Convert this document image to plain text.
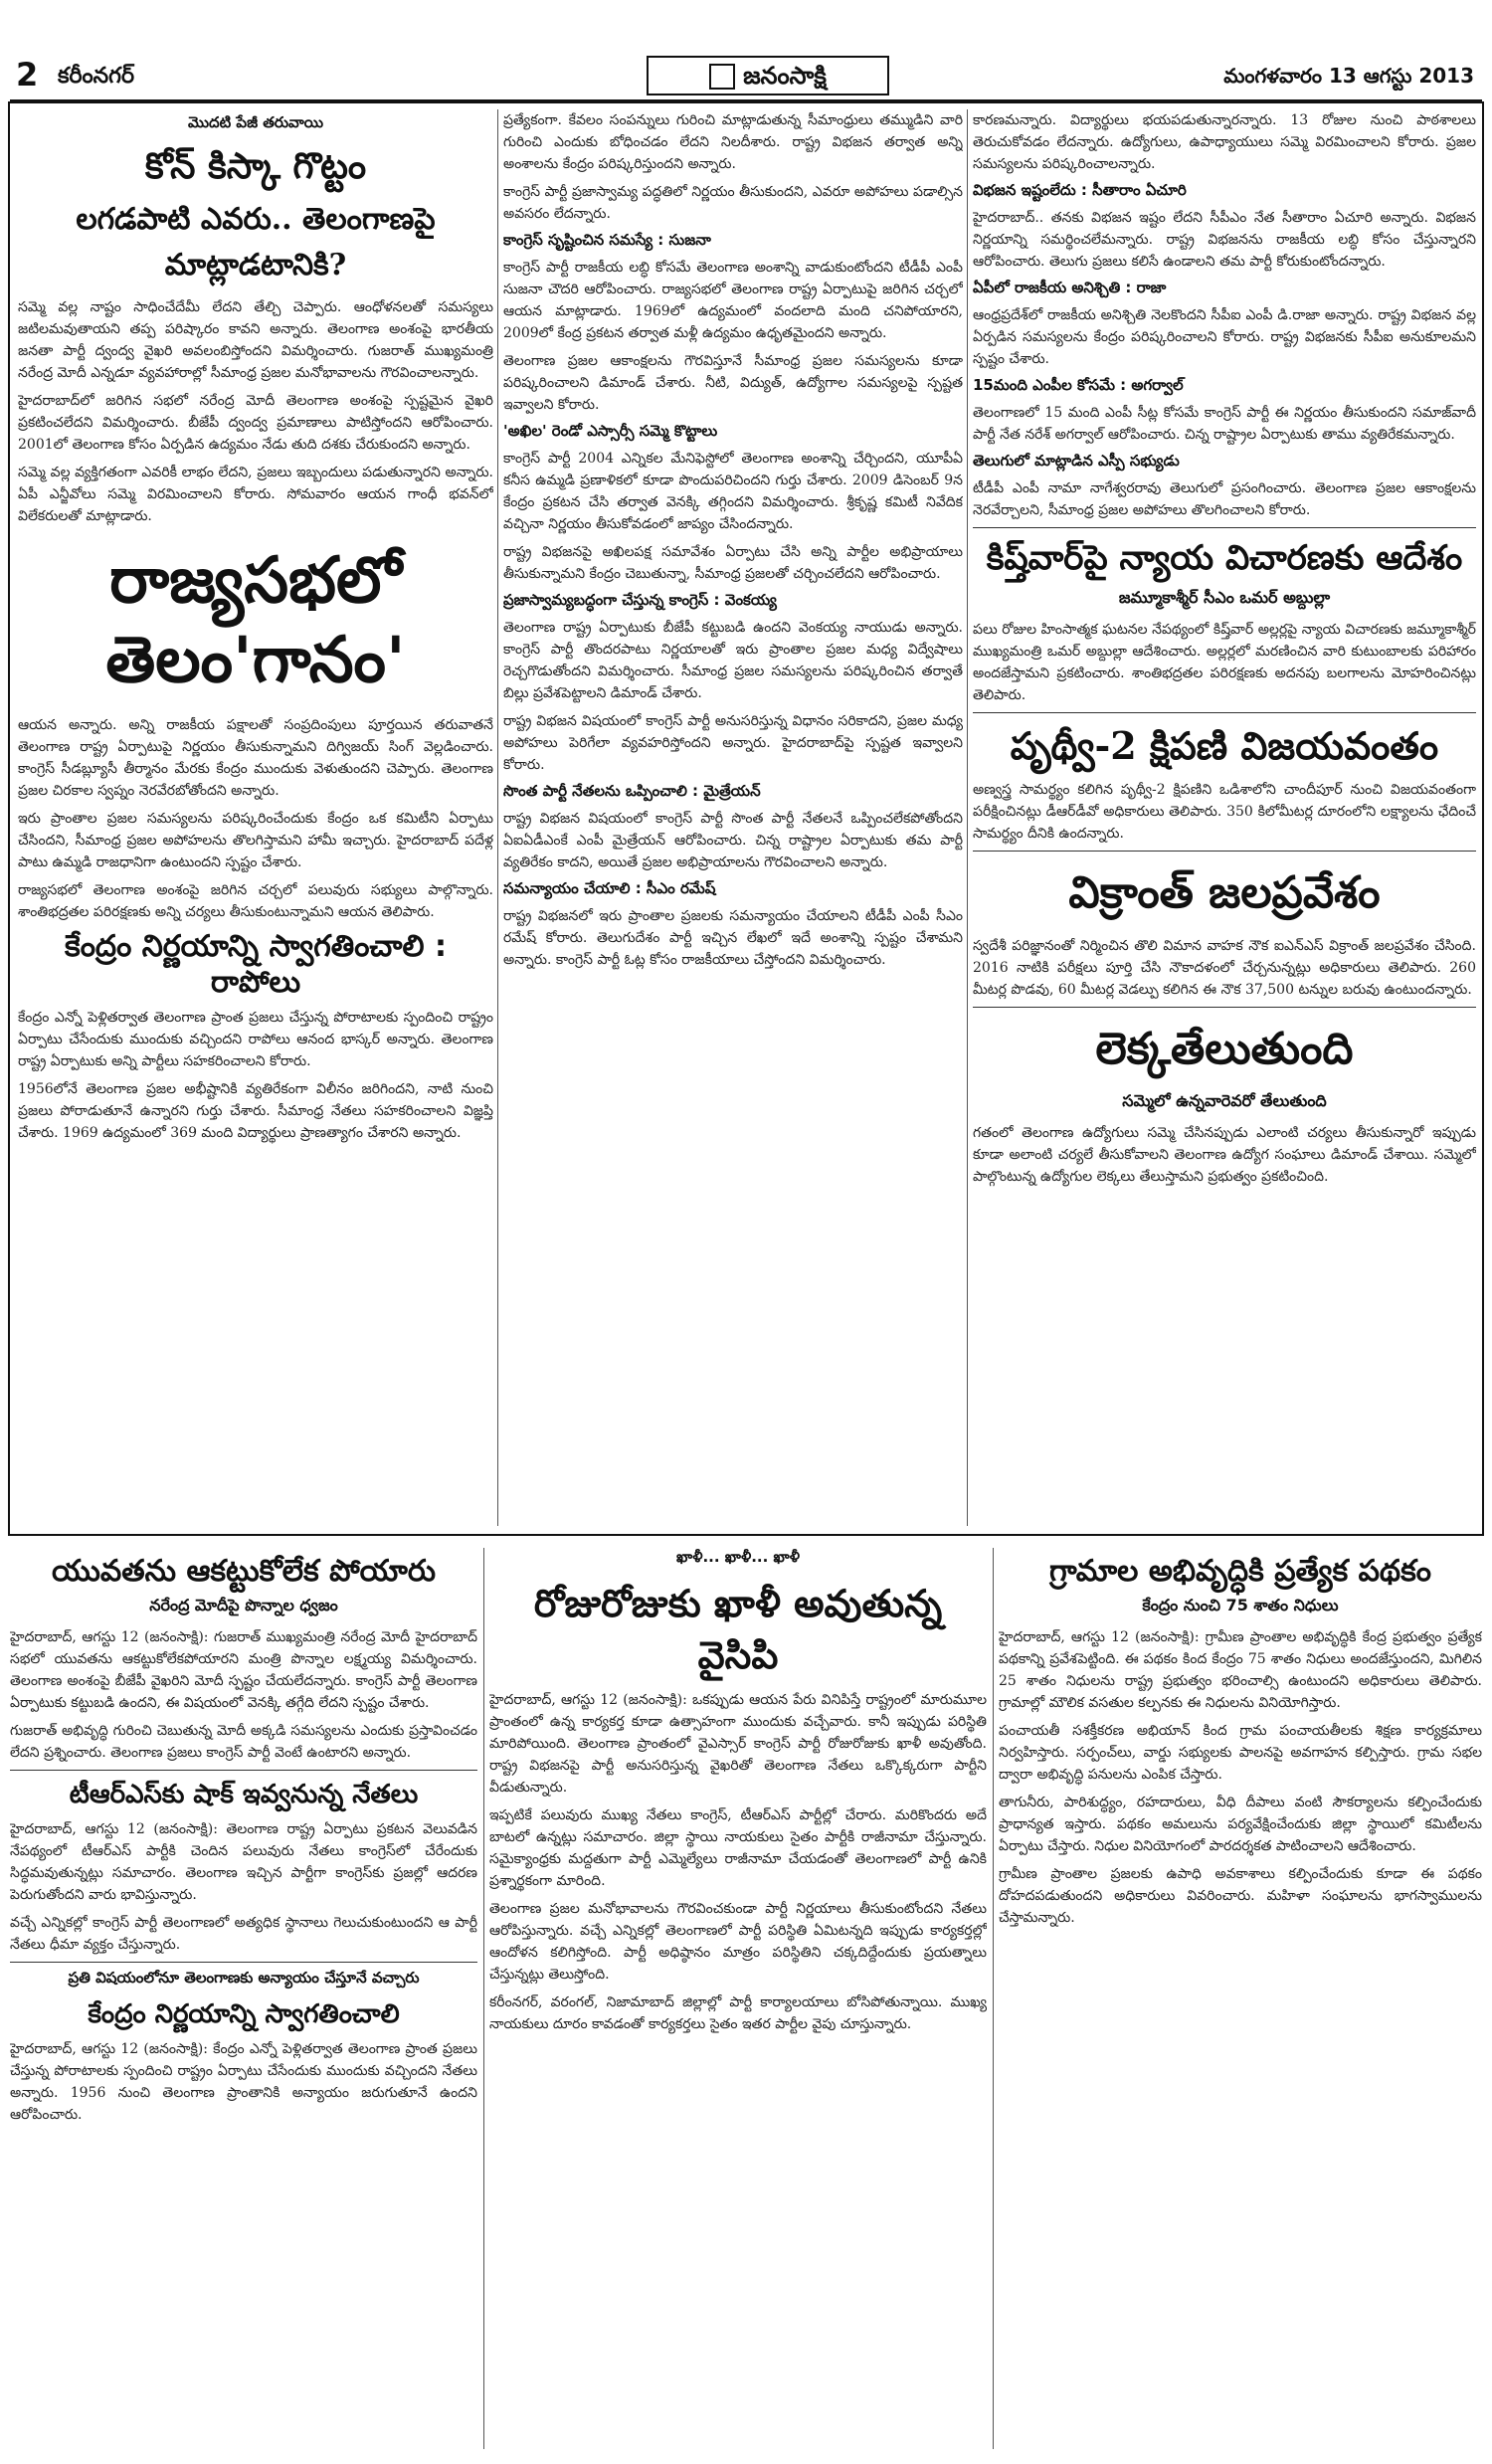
2 కరీంనగర్	జనంసాక్షి	మంగళవారం 13 ఆగస్టు 2013
మొదటి పేజీ తరువాయి
కోన్‌ కిస్కా గొట్టం
లగడపాటి ఎవరు.. తెలంగాణపై మాట్లాడటానికి?

సమ్మె వల్ల నాష్టం సాధించేదేమీ లేదని తేల్చి చెప్పారు. ఆంధోళనలతో సమస్యలు జటిలమవుతాయని తప్ప పరిష్కారం కావని అన్నారు. తెలంగాణ అంశంపై భారతీయ జనతా పార్టీ ద్వంద్వ వైఖరి అవలంబిస్తోందని విమర్శించారు. గుజరాత్‌ ముఖ్యమంత్రి నరేంద్ర మోదీ ఎన్నడూ వ్యవహారాల్లో సీమాంధ్ర ప్రజల మనోభావాలను గౌరవించాలన్నారు.

హైదరాబాద్‌లో జరిగిన సభలో నరేంద్ర మోదీ తెలంగాణ అంశంపై స్పష్టమైన వైఖరి ప్రకటించలేదని విమర్శించారు. బీజేపీ ద్వంద్వ ప్రమాణాలు పాటిస్తోందని ఆరోపించారు. 2001లో తెలంగాణ కోసం ఏర్పడిన ఉద్యమం నేడు తుది దశకు చేరుకుందని అన్నారు.

సమ్మె వల్ల వ్యక్తిగతంగా ఎవరికీ లాభం లేదని, ప్రజలు ఇబ్బందులు పడుతున్నారని అన్నారు. ఏపీ ఎన్జీవోలు సమ్మె విరమించాలని కోరారు. సోమవారం ఆయన గాంధీ భవన్‌లో విలేకరులతో మాట్లాడారు.

రాజ్యసభలో తెలం'గానం'

ఆయన అన్నారు. అన్ని రాజకీయ పక్షాలతో సంప్రదింపులు పూర్తయిన తరువాతనే తెలంగాణ రాష్ట్ర ఏర్పాటుపై నిర్ణయం తీసుకున్నామని దిగ్విజయ్‌ సింగ్‌ వెల్లడించారు. కాంగ్రెస్‌ సీడబ్ల్యూసీ తీర్మానం మేరకు కేంద్రం ముందుకు వెళుతుందని చెప్పారు. తెలంగాణ ప్రజల చిరకాల స్వప్నం నెరవేరబోతోందని అన్నారు.

ఇరు ప్రాంతాల ప్రజల సమస్యలను పరిష్కరించేందుకు కేంద్రం ఒక కమిటీని ఏర్పాటు చేసిందని, సీమాంధ్ర ప్రజల అపోహలను తొలగిస్తామని హామీ ఇచ్చారు. హైదరాబాద్‌ పదేళ్ల పాటు ఉమ్మడి రాజధానిగా ఉంటుందని స్పష్టం చేశారు.

రాజ్యసభలో తెలంగాణ అంశంపై జరిగిన చర్చలో పలువురు సభ్యులు పాల్గొన్నారు. శాంతిభద్రతల పరిరక్షణకు అన్ని చర్యలు తీసుకుంటున్నామని ఆయన తెలిపారు.

కేంద్రం నిర్ణయాన్ని స్వాగతించాలి : రాపోలు

కేంద్రం ఎన్నో పెళ్లితర్వాత తెలంగాణ ప్రాంత ప్రజలు చేస్తున్న పోరాటాలకు స్పందించి రాష్ట్రం ఏర్పాటు చేసేందుకు ముందుకు వచ్చిందని రాపోలు ఆనంద భాస్కర్‌ అన్నారు. తెలంగాణ రాష్ట్ర ఏర్పాటుకు అన్ని పార్టీలు సహకరించాలని కోరారు.

1956లోనే తెలంగాణ ప్రజల అభీష్టానికి వ్యతిరేకంగా విలీనం జరిగిందని, నాటి నుంచి ప్రజలు పోరాడుతూనే ఉన్నారని గుర్తు చేశారు. సీమాంధ్ర నేతలు సహకరించాలని విజ్ఞప్తి చేశారు. 1969 ఉద్యమంలో 369 మంది విద్యార్థులు ప్రాణత్యాగం చేశారని అన్నారు.

ప్రత్యేకంగా. కేవలం సంపన్నులు గురించి మాట్లాడుతున్న సీమాంధ్రులు తమ్ముడిని వారి గురించి ఎందుకు బోధించడం లేదని నిలదీశారు. రాష్ట్ర విభజన తర్వాత అన్ని అంశాలను కేంద్రం పరిష్కరిస్తుందని అన్నారు.

కాంగ్రెస్‌ పార్టీ ప్రజాస్వామ్య పద్ధతిలో నిర్ణయం తీసుకుందని, ఎవరూ అపోహలు పడాల్సిన అవసరం లేదన్నారు.

కాంగ్రెస్‌ సృష్టించిన సమస్యే : సుజనా

కాంగ్రెస్‌ పార్టీ రాజకీయ లబ్ధి కోసమే తెలంగాణ అంశాన్ని వాడుకుంటోందని టీడీపీ ఎంపీ సుజనా చౌదరి ఆరోపించారు. రాజ్యసభలో తెలంగాణ రాష్ట్ర ఏర్పాటుపై జరిగిన చర్చలో ఆయన మాట్లాడారు. 1969లో ఉద్యమంలో వందలాది మంది చనిపోయారని, 2009లో కేంద్ర ప్రకటన తర్వాత మళ్లీ ఉద్యమం ఉధృతమైందని అన్నారు.

తెలంగాణ ప్రజల ఆకాంక్షలను గౌరవిస్తూనే సీమాంధ్ర ప్రజల సమస్యలను కూడా పరిష్కరించాలని డిమాండ్‌ చేశారు. నీటి, విద్యుత్‌, ఉద్యోగాల సమస్యలపై స్పష్టత ఇవ్వాలని కోరారు.

'అఖిల' రెండో ఎస్సార్సీ సమ్మె కొట్టాలు

కాంగ్రెస్‌ పార్టీ 2004 ఎన్నికల మేనిఫెస్టోలో తెలంగాణ అంశాన్ని చేర్చిందని, యూపీఏ కనీస ఉమ్మడి ప్రణాళికలో కూడా పొందుపరిచిందని గుర్తు చేశారు. 2009 డిసెంబర్‌ 9న కేంద్రం ప్రకటన చేసి తర్వాత వెనక్కి తగ్గిందని విమర్శించారు. శ్రీకృష్ణ కమిటీ నివేదిక వచ్చినా నిర్ణయం తీసుకోవడంలో జాప్యం చేసిందన్నారు.

రాష్ట్ర విభజనపై అఖిలపక్ష సమావేశం ఏర్పాటు చేసి అన్ని పార్టీల అభిప్రాయాలు తీసుకున్నామని కేంద్రం చెబుతున్నా, సీమాంధ్ర ప్రజలతో చర్చించలేదని ఆరోపించారు.

ప్రజాస్వామ్యబద్ధంగా చేస్తున్న కాంగ్రెస్‌ : వెంకయ్య

తెలంగాణ రాష్ట్ర ఏర్పాటుకు బీజేపీ కట్టుబడి ఉందని వెంకయ్య నాయుడు అన్నారు. కాంగ్రెస్‌ పార్టీ తొందరపాటు నిర్ణయాలతో ఇరు ప్రాంతాల ప్రజల మధ్య విద్వేషాలు రెచ్చగొడుతోందని విమర్శించారు. సీమాంధ్ర ప్రజల సమస్యలను పరిష్కరించిన తర్వాతే బిల్లు ప్రవేశపెట్టాలని డిమాండ్‌ చేశారు.

రాష్ట్ర విభజన విషయంలో కాంగ్రెస్‌ పార్టీ అనుసరిస్తున్న విధానం సరికాదని, ప్రజల మధ్య అపోహలు పెరిగేలా వ్యవహరిస్తోందని అన్నారు. హైదరాబాద్‌పై స్పష్టత ఇవ్వాలని కోరారు.

సొంత పార్టీ నేతలను ఒప్పించాలి : మైత్రేయన్‌

రాష్ట్ర విభజన విషయంలో కాంగ్రెస్‌ పార్టీ సొంత పార్టీ నేతలనే ఒప్పించలేకపోతోందని ఏఐఏడీఎంకే ఎంపీ మైత్రేయన్‌ ఆరోపించారు. చిన్న రాష్ట్రాల ఏర్పాటుకు తమ పార్టీ వ్యతిరేకం కాదని, అయితే ప్రజల అభిప్రాయాలను గౌరవించాలని అన్నారు.

సమన్యాయం చేయాలి : సీఎం రమేష్‌

రాష్ట్ర విభజనలో ఇరు ప్రాంతాల ప్రజలకు సమన్యాయం చేయాలని టీడీపీ ఎంపీ సీఎం రమేష్‌ కోరారు. తెలుగుదేశం పార్టీ ఇచ్చిన లేఖలో ఇదే అంశాన్ని స్పష్టం చేశామని అన్నారు. కాంగ్రెస్‌ పార్టీ ఓట్ల కోసం రాజకీయాలు చేస్తోందని విమర్శించారు.

కారణమన్నారు. విద్యార్థులు భయపడుతున్నారన్నారు. 13 రోజుల నుంచి పాఠశాలలు తెరుచుకోవడం లేదన్నారు. ఉద్యోగులు, ఉపాధ్యాయులు సమ్మె విరమించాలని కోరారు. ప్రజల సమస్యలను పరిష్కరించాలన్నారు.

విభజన ఇష్టంలేదు : సీతారాం ఏచూరి

హైదరాబాద్‌.. తనకు విభజన ఇష్టం లేదని సీపీఎం నేత సీతారాం ఏచూరి అన్నారు. విభజన నిర్ణయాన్ని సమర్థించలేమన్నారు. రాష్ట్ర విభజనను రాజకీయ లబ్ధి కోసం చేస్తున్నారని ఆరోపించారు. తెలుగు ప్రజలు కలిసే ఉండాలని తమ పార్టీ కోరుకుంటోందన్నారు.

ఏపీలో రాజకీయ అనిశ్చితి : రాజా

ఆంధ్రప్రదేశ్‌లో రాజకీయ అనిశ్చితి నెలకొందని సీపీఐ ఎంపీ డి.రాజా అన్నారు. రాష్ట్ర విభజన వల్ల ఏర్పడిన సమస్యలను కేంద్రం పరిష్కరించాలని కోరారు. రాష్ట్ర విభజనకు సీపీఐ అనుకూలమని స్పష్టం చేశారు.

15మంది ఎంపీల కోసమే : అగర్వాల్‌

తెలంగాణలో 15 మంది ఎంపీ సీట్ల కోసమే కాంగ్రెస్‌ పార్టీ ఈ నిర్ణయం తీసుకుందని సమాజ్‌వాదీ పార్టీ నేత నరేశ్‌ అగర్వాల్‌ ఆరోపించారు. చిన్న రాష్ట్రాల ఏర్పాటుకు తాము వ్యతిరేకమన్నారు.

తెలుగులో మాట్లాడిన ఎస్పీ సభ్యుడు

టీడీపీ ఎంపీ నామా నాగేశ్వరరావు తెలుగులో ప్రసంగించారు. తెలంగాణ ప్రజల ఆకాంక్షలను నెరవేర్చాలని, సీమాంధ్ర ప్రజల అపోహలు తొలగించాలని కోరారు.

కిష్త్‌వార్‌పై న్యాయ విచారణకు ఆదేశం
జమ్మూకాశ్మీర్‌ సీఎం ఒమర్‌ అబ్దుల్లా

పలు రోజుల హింసాత్మక ఘటనల నేపథ్యంలో కిష్త్‌వార్‌ అల్లర్లపై న్యాయ విచారణకు జమ్మూకాశ్మీర్‌ ముఖ్యమంత్రి ఒమర్‌ అబ్దుల్లా ఆదేశించారు. అల్లర్లలో మరణించిన వారి కుటుంబాలకు పరిహారం అందజేస్తామని ప్రకటించారు. శాంతిభద్రతల పరిరక్షణకు అదనపు బలగాలను మోహరించినట్లు తెలిపారు.

పృథ్వీ-2 క్షిపణి విజయవంతం

అణ్వస్త్ర సామర్థ్యం కలిగిన పృథ్వీ-2 క్షిపణిని ఒడిశాలోని చాందీపూర్‌ నుంచి విజయవంతంగా పరీక్షించినట్లు డీఆర్‌డీవో అధికారులు తెలిపారు. 350 కిలోమీటర్ల దూరంలోని లక్ష్యాలను ఛేదించే సామర్థ్యం దీనికి ఉందన్నారు.

విక్రాంత్‌ జలప్రవేశం

స్వదేశీ పరిజ్ఞానంతో నిర్మించిన తొలి విమాన వాహక నౌక ఐఎన్‌ఎస్‌ విక్రాంత్‌ జలప్రవేశం చేసింది. 2016 నాటికి పరీక్షలు పూర్తి చేసి నౌకాదళంలో చేర్చనున్నట్లు అధికారులు తెలిపారు. 260 మీటర్ల పొడవు, 60 మీటర్ల వెడల్పు కలిగిన ఈ నౌక 37,500 టన్నుల బరువు ఉంటుందన్నారు.

లెక్కతేలుతుంది
సమ్మెలో ఉన్నవారెవరో తేలుతుంది

గతంలో తెలంగాణ ఉద్యోగులు సమ్మె చేసినప్పుడు ఎలాంటి చర్యలు తీసుకున్నారో ఇప్పుడు కూడా అలాంటి చర్యలే తీసుకోవాలని తెలంగాణ ఉద్యోగ సంఘాలు డిమాండ్‌ చేశాయి. సమ్మెలో పాల్గొంటున్న ఉద్యోగుల లెక్కలు తేలుస్తామని ప్రభుత్వం ప్రకటించింది.

యువతను ఆకట్టుకోలేక పోయారు
నరేంద్ర మోదీపై పొన్నాల ధ్వజం

హైదరాబాద్‌, ఆగస్టు 12 (జనంసాక్షి): గుజరాత్‌ ముఖ్యమంత్రి నరేంద్ర మోదీ హైదరాబాద్‌ సభలో యువతను ఆకట్టుకోలేకపోయారని మంత్రి పొన్నాల లక్ష్మయ్య విమర్శించారు. తెలంగాణ అంశంపై బీజేపీ వైఖరిని మోదీ స్పష్టం చేయలేదన్నారు. కాంగ్రెస్‌ పార్టీ తెలంగాణ ఏర్పాటుకు కట్టుబడి ఉందని, ఈ విషయంలో వెనక్కి తగ్గేది లేదని స్పష్టం చేశారు.

గుజరాత్‌ అభివృద్ధి గురించి చెబుతున్న మోదీ అక్కడి సమస్యలను ఎందుకు ప్రస్తావించడం లేదని ప్రశ్నించారు. తెలంగాణ ప్రజలు కాంగ్రెస్‌ పార్టీ వెంటే ఉంటారని అన్నారు.

టీఆర్‌ఎస్‌కు షాక్‌ ఇవ్వనున్న నేతలు

హైదరాబాద్‌, ఆగస్టు 12 (జనంసాక్షి): తెలంగాణ రాష్ట్ర ఏర్పాటు ప్రకటన వెలువడిన నేపథ్యంలో టీఆర్‌ఎస్‌ పార్టీకి చెందిన పలువురు నేతలు కాంగ్రెస్‌లో చేరేందుకు సిద్ధమవుతున్నట్లు సమాచారం. తెలంగాణ ఇచ్చిన పార్టీగా కాంగ్రెస్‌కు ప్రజల్లో ఆదరణ పెరుగుతోందని వారు భావిస్తున్నారు.

వచ్చే ఎన్నికల్లో కాంగ్రెస్‌ పార్టీ తెలంగాణలో అత్యధిక స్థానాలు గెలుచుకుంటుందని ఆ పార్టీ నేతలు ధీమా వ్యక్తం చేస్తున్నారు.

ప్రతి విషయంలోనూ తెలంగాణకు అన్యాయం చేస్తూనే వచ్చారు
కేంద్రం నిర్ణయాన్ని స్వాగతించాలి

హైదరాబాద్‌, ఆగస్టు 12 (జనంసాక్షి): కేంద్రం ఎన్నో పెళ్లితర్వాత తెలంగాణ ప్రాంత ప్రజలు చేస్తున్న పోరాటాలకు స్పందించి రాష్ట్రం ఏర్పాటు చేసేందుకు ముందుకు వచ్చిందని నేతలు అన్నారు. 1956 నుంచి తెలంగాణ ప్రాంతానికి అన్యాయం జరుగుతూనే ఉందని ఆరోపించారు.

ఖాళీ... ఖాళీ... ఖాళీ
రోజురోజుకు ఖాళీ అవుతున్న వైసిపి

హైదరాబాద్‌, ఆగస్టు 12 (జనంసాక్షి): ఒకప్పుడు ఆయన పేరు వినిపిస్తే రాష్ట్రంలో మారుమూల ప్రాంతంలో ఉన్న కార్యకర్త కూడా ఉత్సాహంగా ముందుకు వచ్చేవారు. కానీ ఇప్పుడు పరిస్థితి మారిపోయింది. తెలంగాణ ప్రాంతంలో వైఎస్సార్‌ కాంగ్రెస్‌ పార్టీ రోజురోజుకు ఖాళీ అవుతోంది. రాష్ట్ర విభజనపై పార్టీ అనుసరిస్తున్న వైఖరితో తెలంగాణ నేతలు ఒక్కొక్కరుగా పార్టీని వీడుతున్నారు.

ఇప్పటికే పలువురు ముఖ్య నేతలు కాంగ్రెస్‌, టీఆర్‌ఎస్‌ పార్టీల్లో చేరారు. మరికొందరు అదే బాటలో ఉన్నట్లు సమాచారం. జిల్లా స్థాయి నాయకులు సైతం పార్టీకి రాజీనామా చేస్తున్నారు. సమైక్యాంధ్రకు మద్దతుగా పార్టీ ఎమ్మెల్యేలు రాజీనామా చేయడంతో తెలంగాణలో పార్టీ ఉనికి ప్రశ్నార్థకంగా మారింది.

తెలంగాణ ప్రజల మనోభావాలను గౌరవించకుండా పార్టీ నిర్ణయాలు తీసుకుంటోందని నేతలు ఆరోపిస్తున్నారు. వచ్చే ఎన్నికల్లో తెలంగాణలో పార్టీ పరిస్థితి ఏమిటన్నది ఇప్పుడు కార్యకర్తల్లో ఆందోళన కలిగిస్తోంది. పార్టీ అధిష్ఠానం మాత్రం పరిస్థితిని చక్కదిద్దేందుకు ప్రయత్నాలు చేస్తున్నట్లు తెలుస్తోంది.

కరీంనగర్‌, వరంగల్‌, నిజామాబాద్‌ జిల్లాల్లో పార్టీ కార్యాలయాలు బోసిపోతున్నాయి. ముఖ్య నాయకులు దూరం కావడంతో కార్యకర్తలు సైతం ఇతర పార్టీల వైపు చూస్తున్నారు.

గ్రామాల అభివృద్ధికి ప్రత్యేక పథకం
కేంద్రం నుంచి 75 శాతం నిధులు

హైదరాబాద్‌, ఆగస్టు 12 (జనంసాక్షి): గ్రామీణ ప్రాంతాల అభివృద్ధికి కేంద్ర ప్రభుత్వం ప్రత్యేక పథకాన్ని ప్రవేశపెట్టింది. ఈ పథకం కింద కేంద్రం 75 శాతం నిధులు అందజేస్తుందని, మిగిలిన 25 శాతం నిధులను రాష్ట్ర ప్రభుత్వం భరించాల్సి ఉంటుందని అధికారులు తెలిపారు. గ్రామాల్లో మౌలిక వసతుల కల్పనకు ఈ నిధులను వినియోగిస్తారు.

పంచాయతీ సశక్తీకరణ అభియాన్‌ కింద గ్రామ పంచాయతీలకు శిక్షణ కార్యక్రమాలు నిర్వహిస్తారు. సర్పంచ్‌లు, వార్డు సభ్యులకు పాలనపై అవగాహన కల్పిస్తారు. గ్రామ సభల ద్వారా అభివృద్ధి పనులను ఎంపిక చేస్తారు.

తాగునీరు, పారిశుద్ధ్యం, రహదారులు, వీధి దీపాలు వంటి సౌకర్యాలను కల్పించేందుకు ప్రాధాన్యత ఇస్తారు. పథకం అమలును పర్యవేక్షించేందుకు జిల్లా స్థాయిలో కమిటీలను ఏర్పాటు చేస్తారు. నిధుల వినియోగంలో పారదర్శకత పాటించాలని ఆదేశించారు.

గ్రామీణ ప్రాంతాల ప్రజలకు ఉపాధి అవకాశాలు కల్పించేందుకు కూడా ఈ పథకం దోహదపడుతుందని అధికారులు వివరించారు. మహిళా సంఘాలను భాగస్వాములను చేస్తామన్నారు.
